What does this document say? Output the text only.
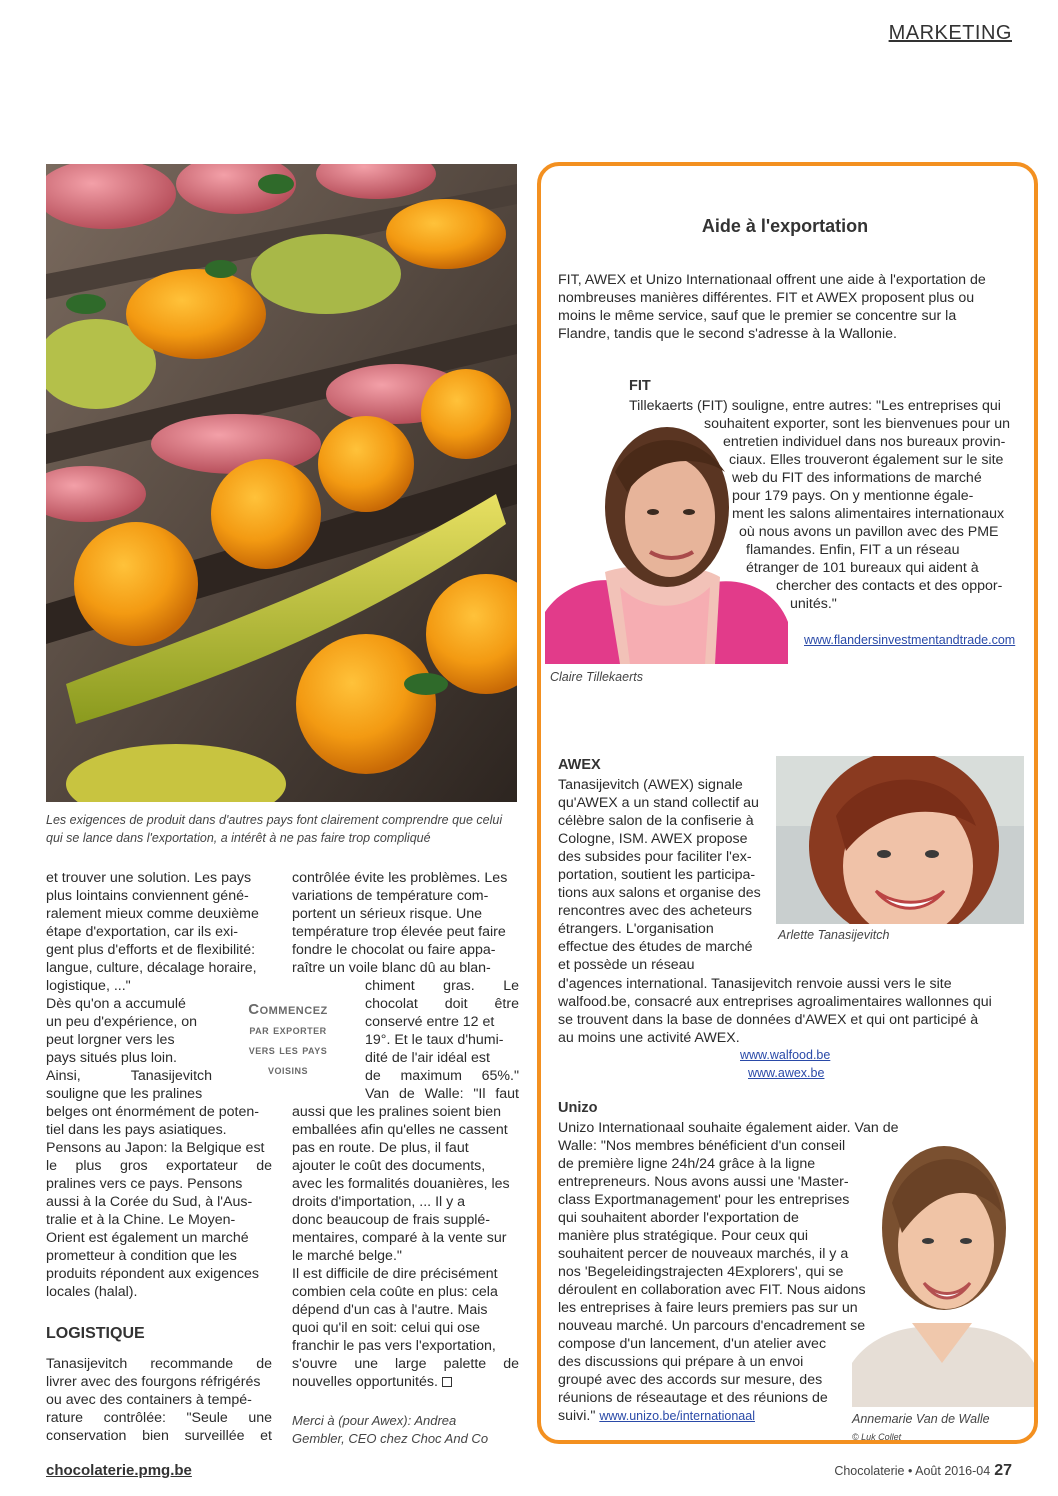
MARKETING
Les exigences de produit dans d'autres pays font clairement comprendre que celui qui se lance dans l'exportation, a intérêt à ne pas faire trop compliqué

et trouver une solution. Les pays

plus lointains conviennent géné-

ralement mieux comme deuxième

étape d'exportation, car ils exi-

gent plus d'efforts et de flexibilité:

langue, culture, décalage horaire,

logistique, ..."

Dès qu'on a accumulé

un peu d'expérience, on

peut lorgner vers les

pays situés plus loin.

Ainsi, Tanasijevitch

souligne que les pralines

belges ont énormément de poten-

tiel dans les pays asiatiques.

Pensons au Japon: la Belgique est

le plus gros exportateur de

pralines vers ce pays. Pensons

aussi à la Corée du Sud, à l'Aus-

tralie et à la Chine. Le Moyen-

Orient est également un marché

prometteur à condition que les

produits répondent aux exigences

locales (halal).

LOGISTIQUE

Tanasijevitch recommande de

livrer avec des fourgons réfrigérés

ou avec des containers à tempé-

rature contrôlée: "Seule une

conservation bien surveillée et

Commencez
par exporter
vers les pays
voisins

contrôlée évite les problèmes. Les

variations de température com-

portent un sérieux risque. Une

température trop élevée peut faire

fondre le chocolat ou faire appa-

raître un voile blanc dû au blan-

chiment gras. Le

chocolat doit être

conservé entre 12 et

19°. Et le taux d'humi-

dité de l'air idéal est

de maximum 65%."

Van de Walle: "Il faut

aussi que les pralines soient bien

emballées afin qu'elles ne cassent

pas en route. De plus, il faut

ajouter le coût des documents,

avec les formalités douanières, les

droits d'importation, ... Il y a

donc beaucoup de frais supplé-

mentaires, comparé à la vente sur

le marché belge."

Il est difficile de dire précisément

combien cela coûte en plus: cela

dépend d'un cas à l'autre. Mais

quoi qu'il en soit: celui qui ose

franchir le pas vers l'exportation,

s'ouvre une large palette de

nouvelles opportunités.

Merci à (pour Awex): Andrea
Gembler, CEO chez Choc And Co
Aide à l'exportation
FIT, AWEX et Unizo Internationaal offrent une aide à l'exportation de
nombreuses manières différentes. FIT et AWEX proposent plus ou
moins le même service, sauf que le premier se concentre sur la
Flandre, tandis que le second s'adresse à la Wallonie.
FIT
Tillekaerts (FIT) souligne, entre autres: "Les entreprises qui
souhaitent exporter, sont les bienvenues pour un
entretien individuel dans nos bureaux provin-
ciaux. Elles trouveront également sur le site
web du FIT des informations de marché
pour 179 pays. On y mentionne égale-
ment les salons alimentaires internationaux
où nous avons un pavillon avec des PME
flamandes. Enfin, FIT a un réseau
étranger de 101 bureaux qui aident à
chercher des contacts et des oppor-
unités."
www.flandersinvestmentandtrade.com
Claire Tillekaerts
AWEX
Tanasijevitch (AWEX) signale
qu'AWEX a un stand collectif au
célèbre salon de la confiserie à
Cologne, ISM. AWEX propose
des subsides pour faciliter l'ex-
portation, soutient les participa-
tions aux salons et organise des
rencontres avec des acheteurs
étrangers. L'organisation
effectue des études de marché
et possède un réseau
Arlette Tanasijevitch
d'agences international. Tanasijevitch renvoie aussi vers le site
walfood.be, consacré aux entreprises agroalimentaires wallonnes qui
se trouvent dans la base de données d'AWEX et qui ont participé à
au moins une activité AWEX.
www.walfood.be
www.awex.be
Unizo
Unizo Internationaal souhaite également aider. Van de
Walle: "Nos membres bénéficient d'un conseil
de première ligne 24h/24 grâce à la ligne
entrepreneurs. Nous avons aussi une 'Master-
class Exportmanagement' pour les entreprises
qui souhaitent aborder l'exportation de
manière plus stratégique. Pour ceux qui
souhaitent percer de nouveaux marchés, il y a
nos 'Begeleidingstrajecten 4Explorers', qui se
déroulent en collaboration avec FIT. Nous aidons
les entreprises à faire leurs premiers pas sur un
nouveau marché. Un parcours d'encadrement se
compose d'un lancement, d'un atelier avec
des discussions qui prépare à un envoi
groupé avec des accords sur mesure, des
réunions de réseautage et des réunions de
suivi." www.unizo.be/internationaal	Annemarie Van de Walle
© Luk Collet
chocolaterie.pmg.be	Chocolaterie • Août 2016-04 27
